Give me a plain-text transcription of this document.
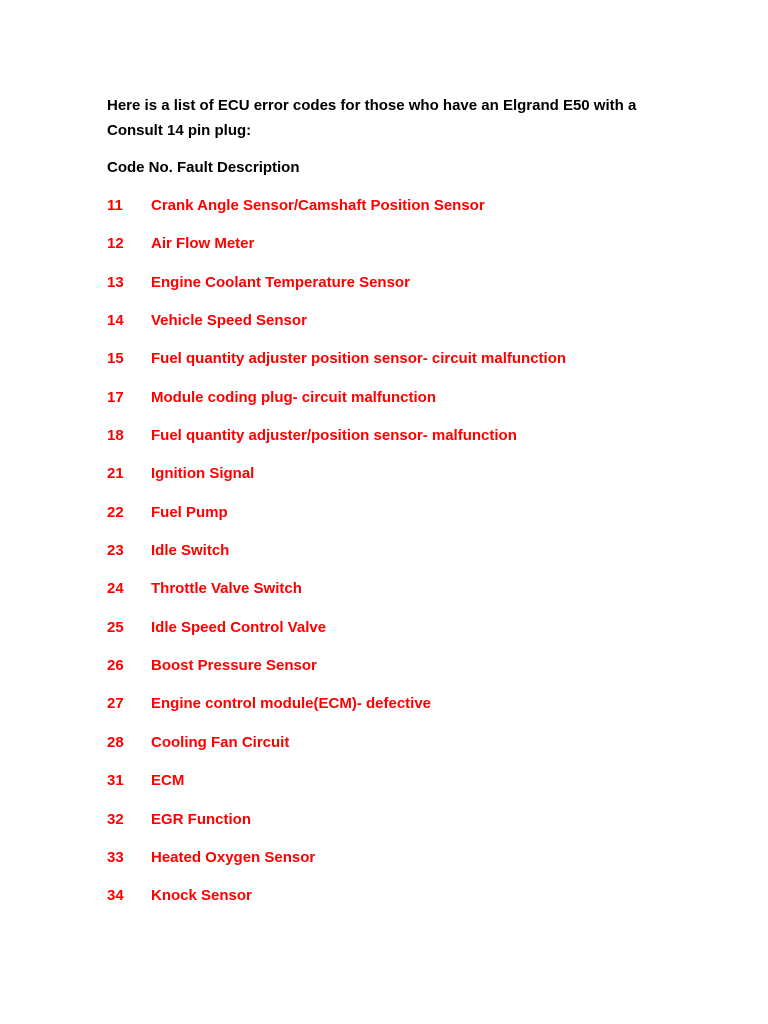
Here is a list of ECU error codes for those who have an Elgrand E50 with a
Consult 14 pin plug:

Code No. Fault Description
11 Crank Angle Sensor/Camshaft Position Sensor
12 Air Flow Meter
13 Engine Coolant Temperature Sensor
14 Vehicle Speed Sensor
15 Fuel quantity adjuster position sensor- circuit malfunction
17 Module coding plug- circuit malfunction
18 Fuel quantity adjuster/position sensor- malfunction
21 Ignition Signal
22 Fuel Pump
23 Idle Switch
24 Throttle Valve Switch
25 Idle Speed Control Valve
26 Boost Pressure Sensor
27 Engine control module(ECM)- defective
28 Cooling Fan Circuit
31 ECM
32 EGR Function
33 Heated Oxygen Sensor
34 Knock Sensor
